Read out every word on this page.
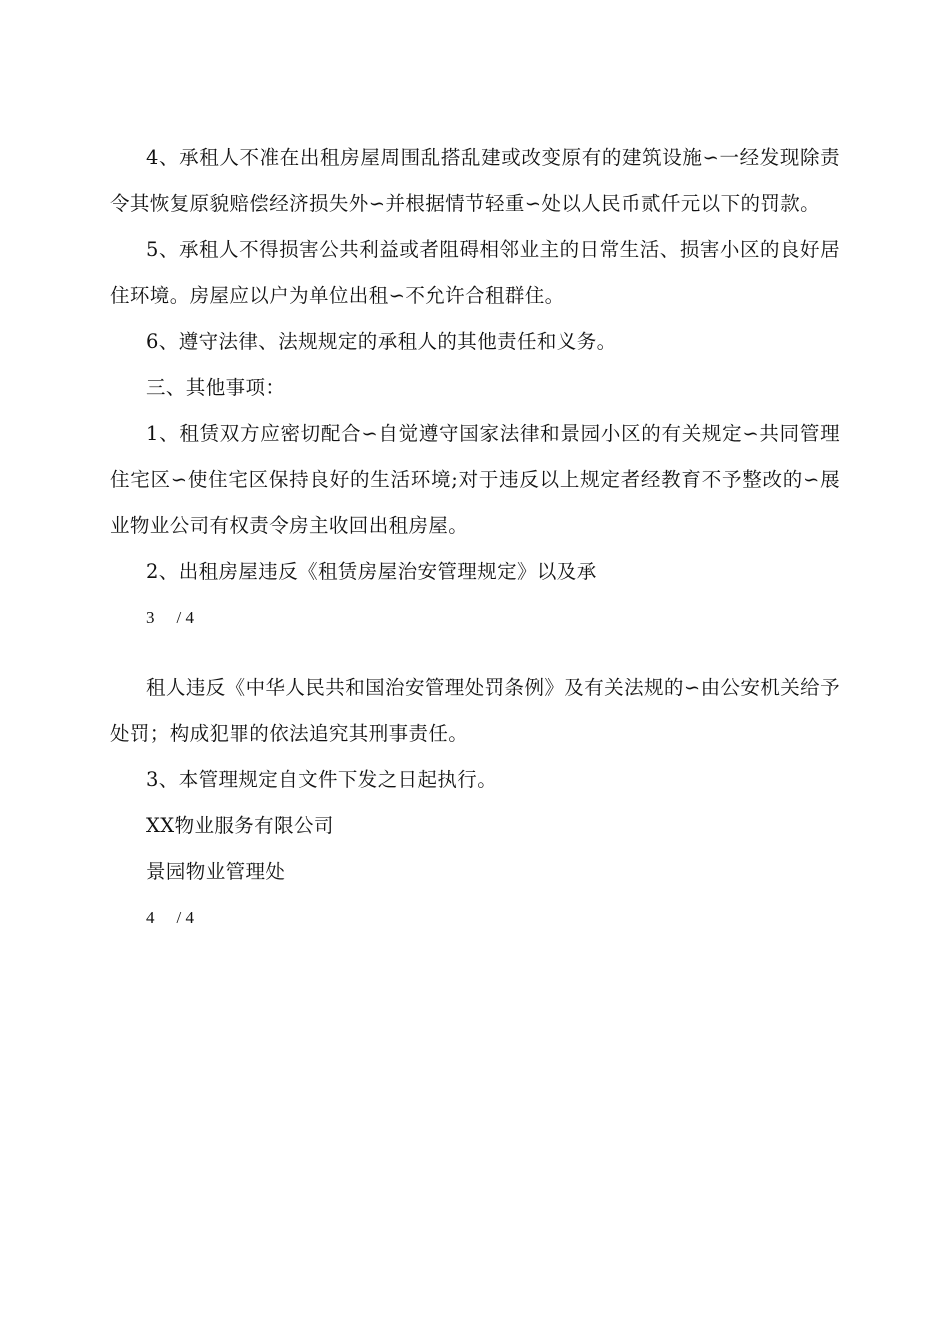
4、承租人不准在出租房屋周围乱搭乱建或改变原有的建筑设施∽一经发现除责令其恢复原貌赔偿经济损失外∽并根据情节轻重∽处以人民币贰仟元以下的罚款。

5、承租人不得损害公共利益或者阻碍相邻业主的日常生活、损害小区的良好居住环境。房屋应以户为单位出租∽不允许合租群住。

6、遵守法律、法规规定的承租人的其他责任和义务。

三、其他事项：

1、租赁双方应密切配合∽自觉遵守国家法律和景园小区的有关规定∽共同管理住宅区∽使住宅区保持良好的生活环境;对于违反以上规定者经教育不予整改的∽展业物业公司有权责令房主收回出租房屋。

2、出租房屋违反《租赁房屋治安管理规定》以及承

3 / 4

租人违反《中华人民共和国治安管理处罚条例》及有关法规的∽由公安机关给予处罚；构成犯罪的依法追究其刑事责任。

3、本管理规定自文件下发之日起执行。

XX物业服务有限公司

景园物业管理处

4 / 4
